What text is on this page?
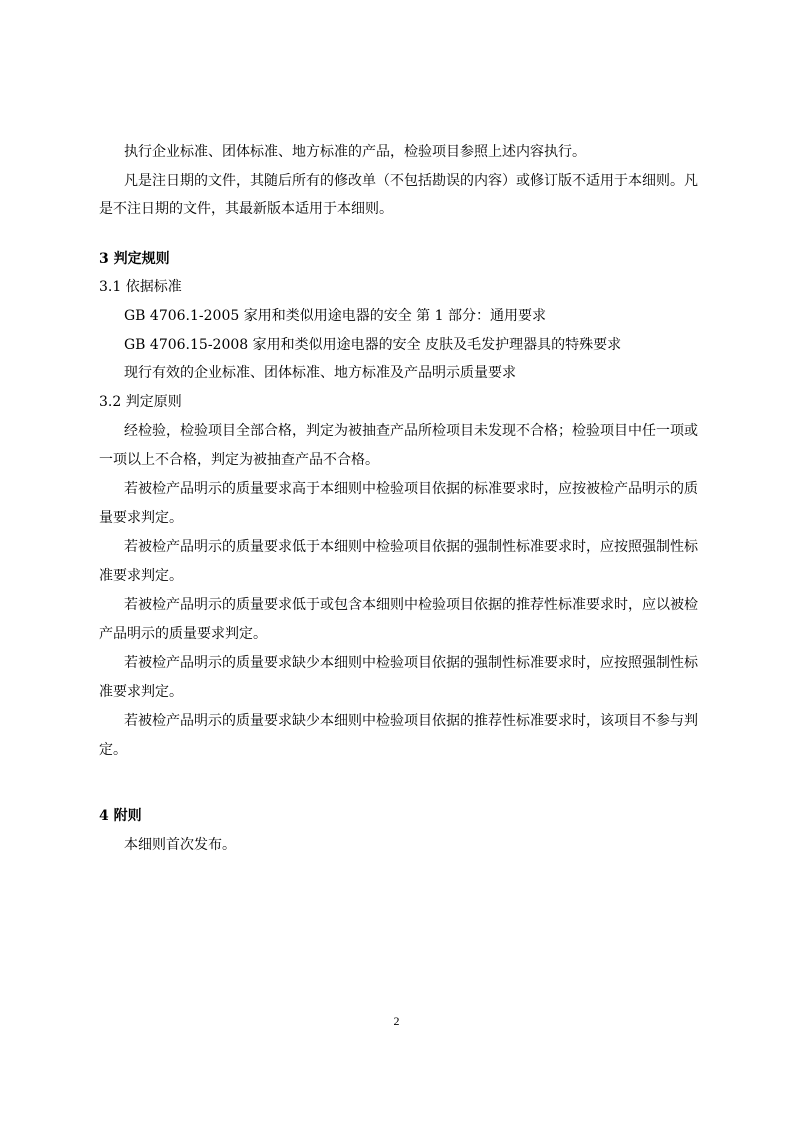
执行企业标准、团体标准、地方标准的产品，检验项目参照上述内容执行。
凡是注日期的文件，其随后所有的修改单（不包括勘误的内容）或修订版不适用于本细则。凡
是不注日期的文件，其最新版本适用于本细则。
3 判定规则
3.1 依据标准
GB 4706.1-2005 家用和类似用途电器的安全 第 1 部分：通用要求
GB 4706.15-2008 家用和类似用途电器的安全 皮肤及毛发护理器具的特殊要求
现行有效的企业标准、团体标准、地方标准及产品明示质量要求
3.2 判定原则
经检验，检验项目全部合格，判定为被抽查产品所检项目未发现不合格；检验项目中任一项或
一项以上不合格，判定为被抽查产品不合格。
若被检产品明示的质量要求高于本细则中检验项目依据的标准要求时，应按被检产品明示的质
量要求判定。
若被检产品明示的质量要求低于本细则中检验项目依据的强制性标准要求时，应按照强制性标
准要求判定。
若被检产品明示的质量要求低于或包含本细则中检验项目依据的推荐性标准要求时，应以被检
产品明示的质量要求判定。
若被检产品明示的质量要求缺少本细则中检验项目依据的强制性标准要求时，应按照强制性标
准要求判定。
若被检产品明示的质量要求缺少本细则中检验项目依据的推荐性标准要求时，该项目不参与判
定。
4 附则
本细则首次发布。
2
